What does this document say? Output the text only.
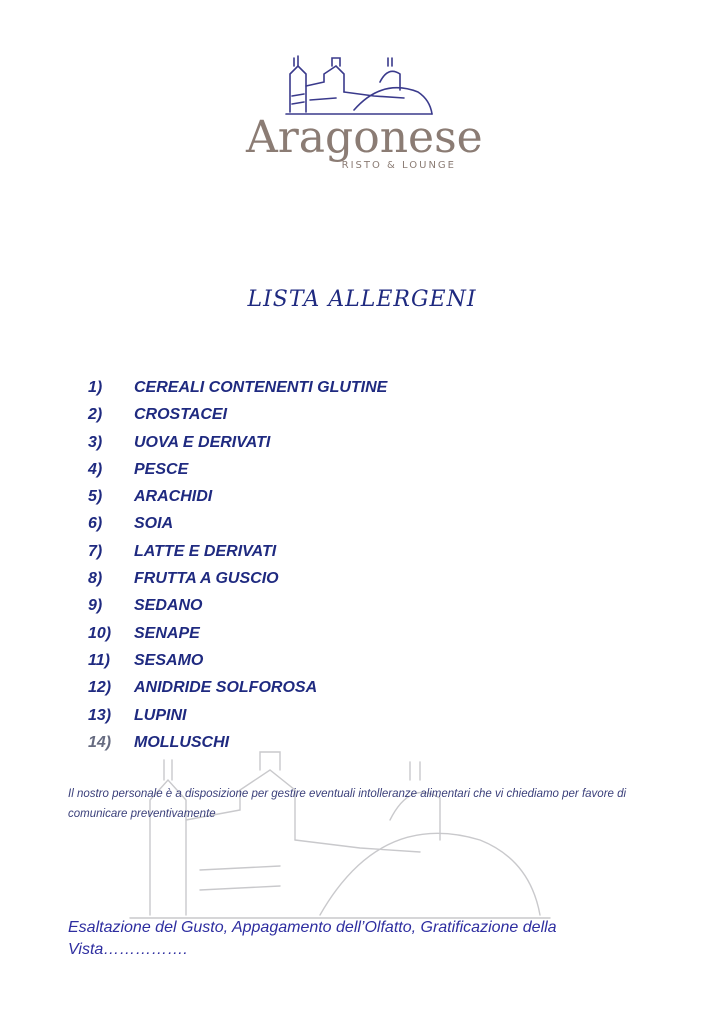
Aragonese
RISTO & LOUNGE
LISTA ALLERGENI
1) CEREALI CONTENENTI GLUTINE
2) CROSTACEI
3) UOVA E DERIVATI
4) PESCE
5) ARACHIDI
6) SOIA
7) LATTE E DERIVATI
8) FRUTTA A GUSCIO
9) SEDANO
10) SENAPE
11) SESAMO
12) ANIDRIDE SOLFOROSA
13) LUPINI
14) MOLLUSCHI
Il nostro personale è a disposizione per gestire eventuali intolleranze alimentari che vi chiediamo per favore di comunicare preventivamente
Esaltazione del Gusto, Appagamento dell’Olfatto, Gratificazione della Vista…………….
